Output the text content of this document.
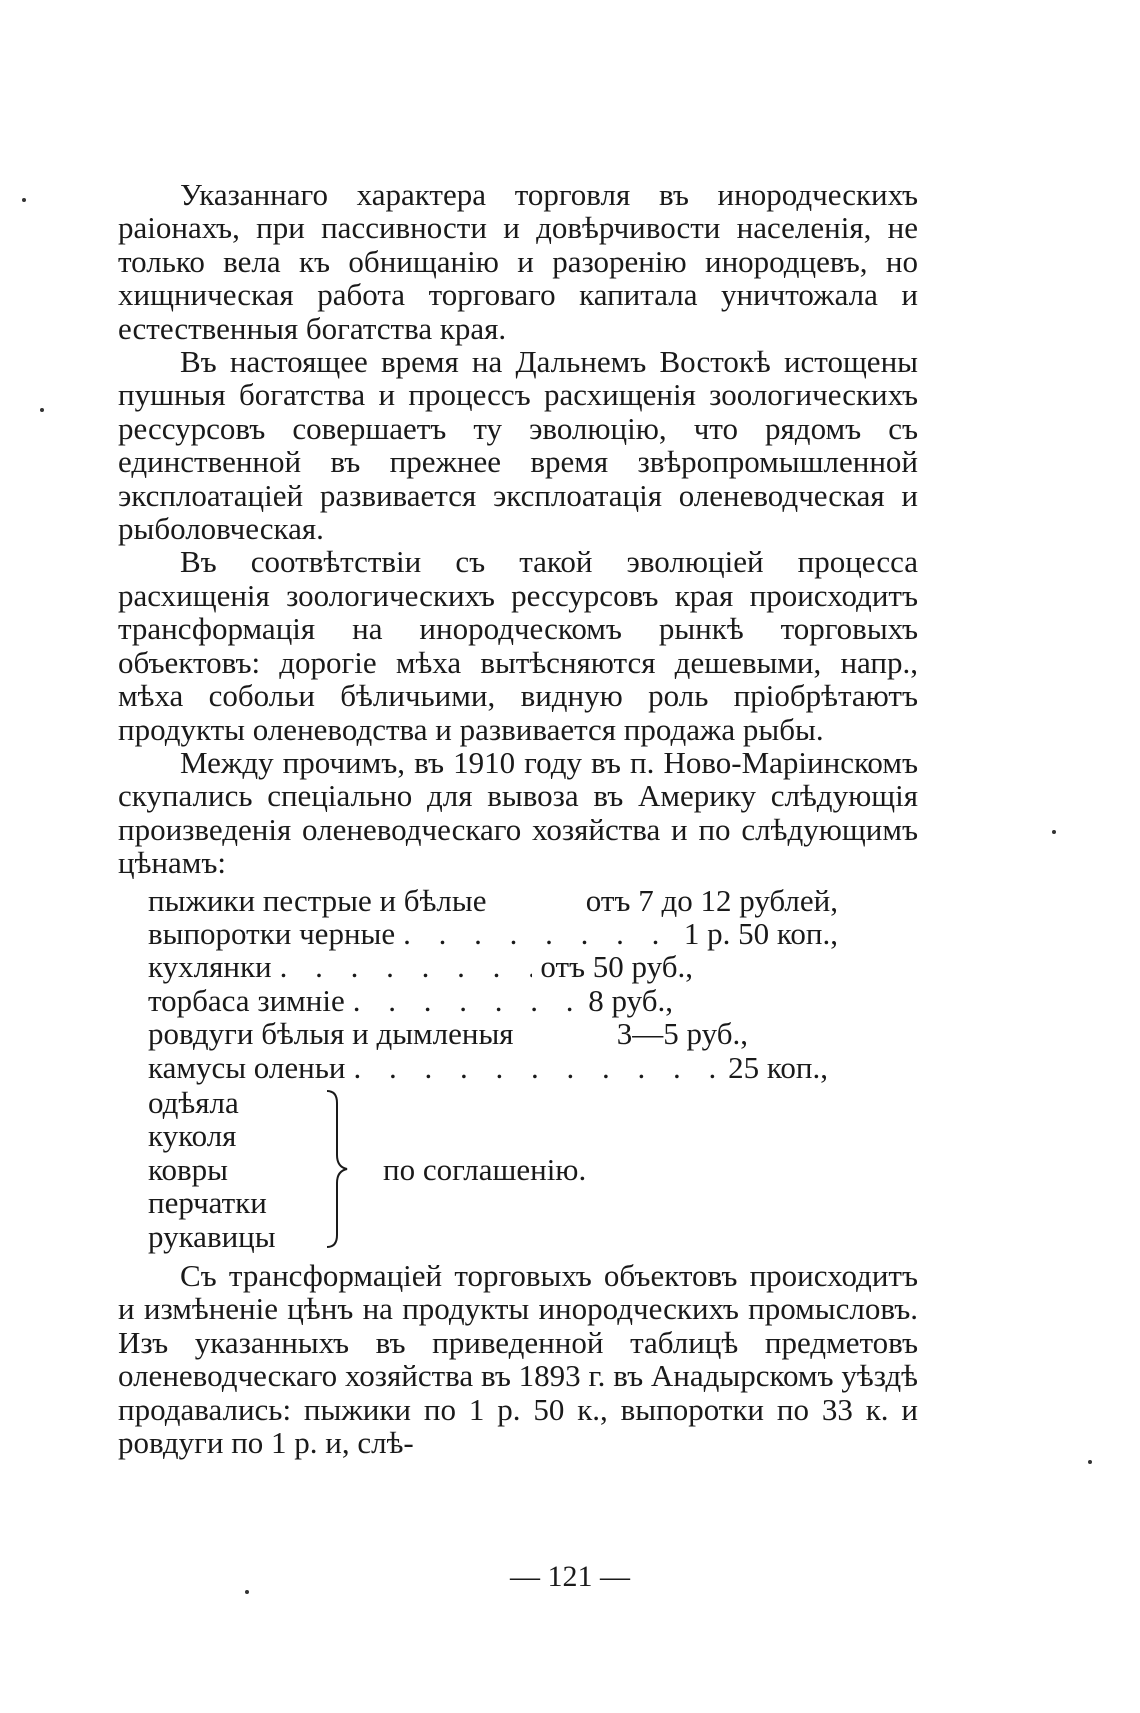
Указаннаго характера торговля въ инородческихъ раіонахъ, при пассивности и довѣрчивости населенія, не только вела къ обнищанію и разоренію инородцевъ, но хищническая работа торговаго капитала уничтожала и естественныя богатства края.

Въ настоящее время на Дальнемъ Востокѣ истощены пушныя богатства и процессъ расхищенія зоологическихъ рессурсовъ совершаетъ ту эволюцію, что рядомъ съ единственной въ прежнее время звѣропромышленной эксплоатаціей развивается эксплоатація оленеводческая и рыболовческая.

Въ соотвѣтствіи съ такой эволюціей процесса расхищенія зоологическихъ рессурсовъ края происходитъ трансформація на инородческомъ рынкѣ торговыхъ объектовъ: дорогіе мѣха вытѣсняются дешевыми, напр., мѣха собольи бѣличьими, видную роль пріобрѣтаютъ продукты оленеводства и развивается продажа рыбы.

Между прочимъ, въ 1910 году въ п. Ново-Маріинскомъ скупались спеціально для вывоза въ Америку слѣдующія произведенія оленеводческаго хозяйства и по слѣдующимъ цѣнамъ:

пыжики пестрые и бѣлые	отъ 7 до 12 рублей,
выпоротки черные . . .	1 р. 50 коп.,
кухлянки . . .	отъ 50 руб.,
торбаса зимніе . . .	8 руб.,
ровдуги бѣлыя и дымленыя	3—5 руб.,
камусы оленьи . . .	25 коп.,
одѣяла
куколя
ковры
перчатки
рукавицы
по соглашенію.

Съ трансформаціей торговыхъ объектовъ происходитъ и измѣненіе цѣнъ на продукты инородческихъ промысловъ. Изъ указанныхъ въ приведенной таблицѣ предметовъ оленеводческаго хозяйства въ 1893 г. въ Анадырскомъ уѣздѣ продавались: пыжики по 1 р. 50 к., выпоротки по 33 к. и ровдуги по 1 р. и, слѣ-

— 121 —
